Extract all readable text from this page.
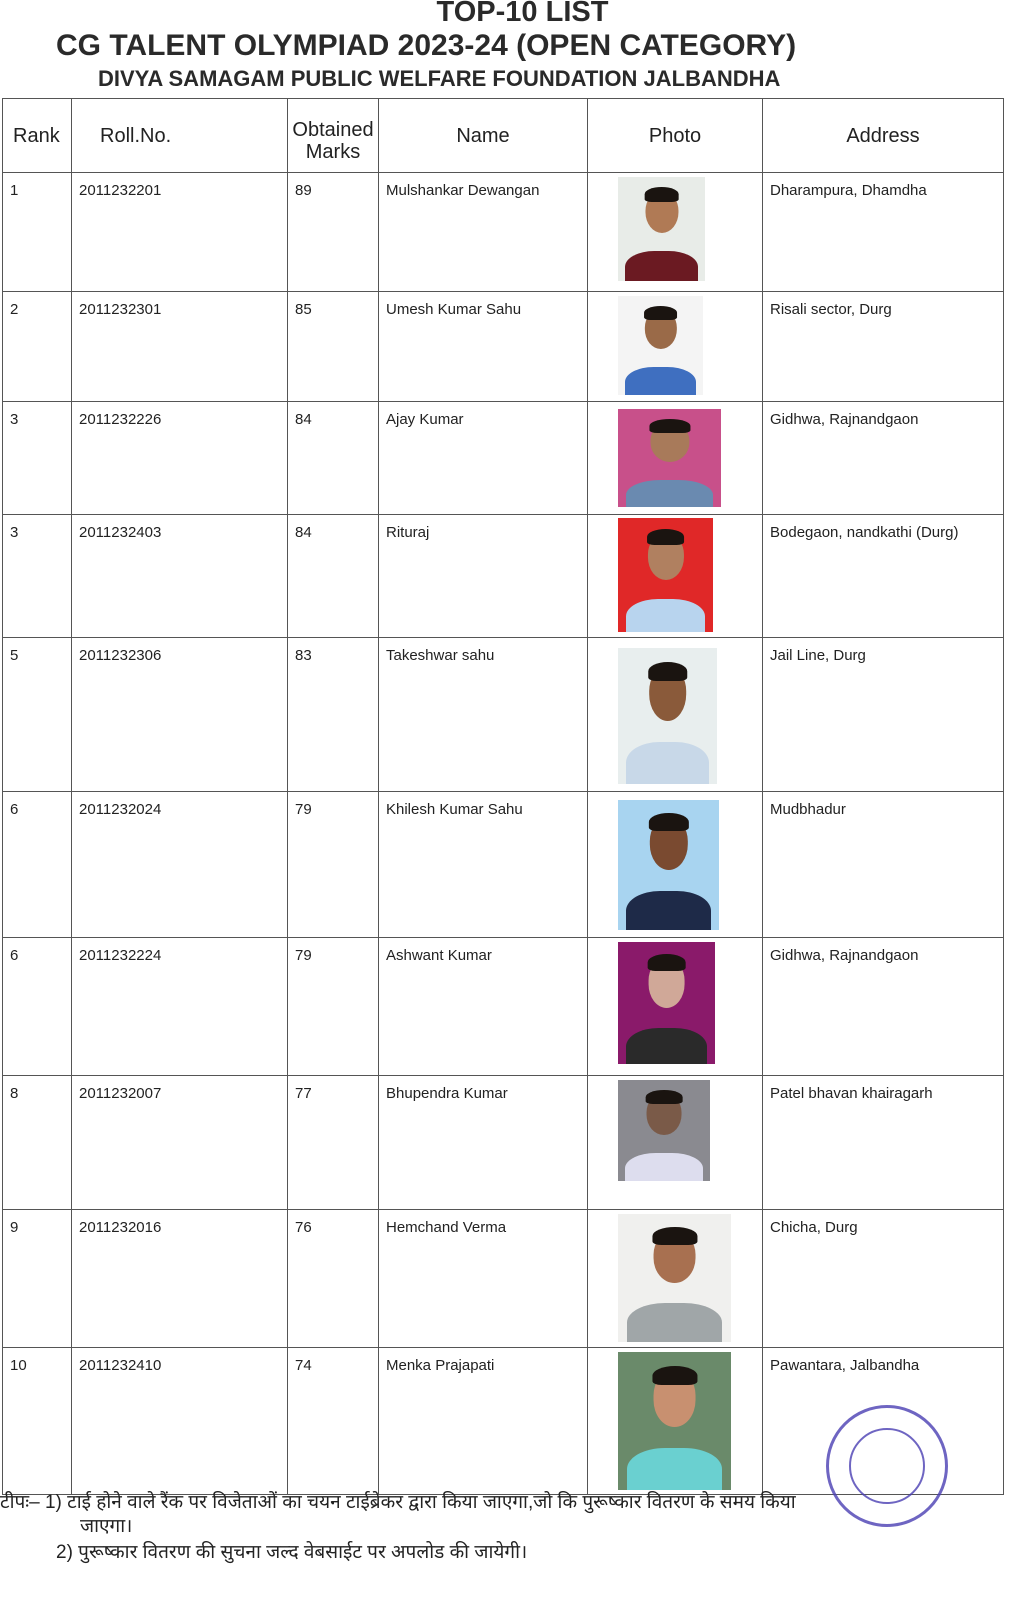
TOP-10 LIST
CG TALENT OLYMPIAD 2023-24 (OPEN CATEGORY)
DIVYA SAMAGAM PUBLIC WELFARE FOUNDATION JALBANDHA
Rank	Roll.No.	Obtained Marks	Name	Photo	Address

1	2011232201	89	Mulshankar Dewangan		Dharampura, Dhamdha

2	2011232301	85	Umesh Kumar Sahu		Risali sector, Durg

3	2011232226	84	Ajay Kumar		Gidhwa, Rajnandgaon

3	2011232403	84	Rituraj		Bodegaon, nandkathi (Durg)

5	2011232306	83	Takeshwar sahu		Jail Line, Durg

6	2011232024	79	Khilesh Kumar Sahu		Mudbhadur

6	2011232224	79	Ashwant Kumar		Gidhwa, Rajnandgaon

8	2011232007	77	Bhupendra Kumar		Patel bhavan khairagarh

9	2011232016	76	Hemchand Verma		Chicha, Durg

10	2011232410	74	Menka Prajapati		Pawantara, Jalbandha
टीपः– 1) टाई होने वाले रैंक पर विजेताओं का चयन टाईब्रेकर द्वारा किया जाएगा,जो कि पुरूष्कार वितरण के समय किया
जाएगा।
2) पुरूष्कार वितरण की सुचना जल्द वेबसाईट पर अपलोड की जायेगी।
